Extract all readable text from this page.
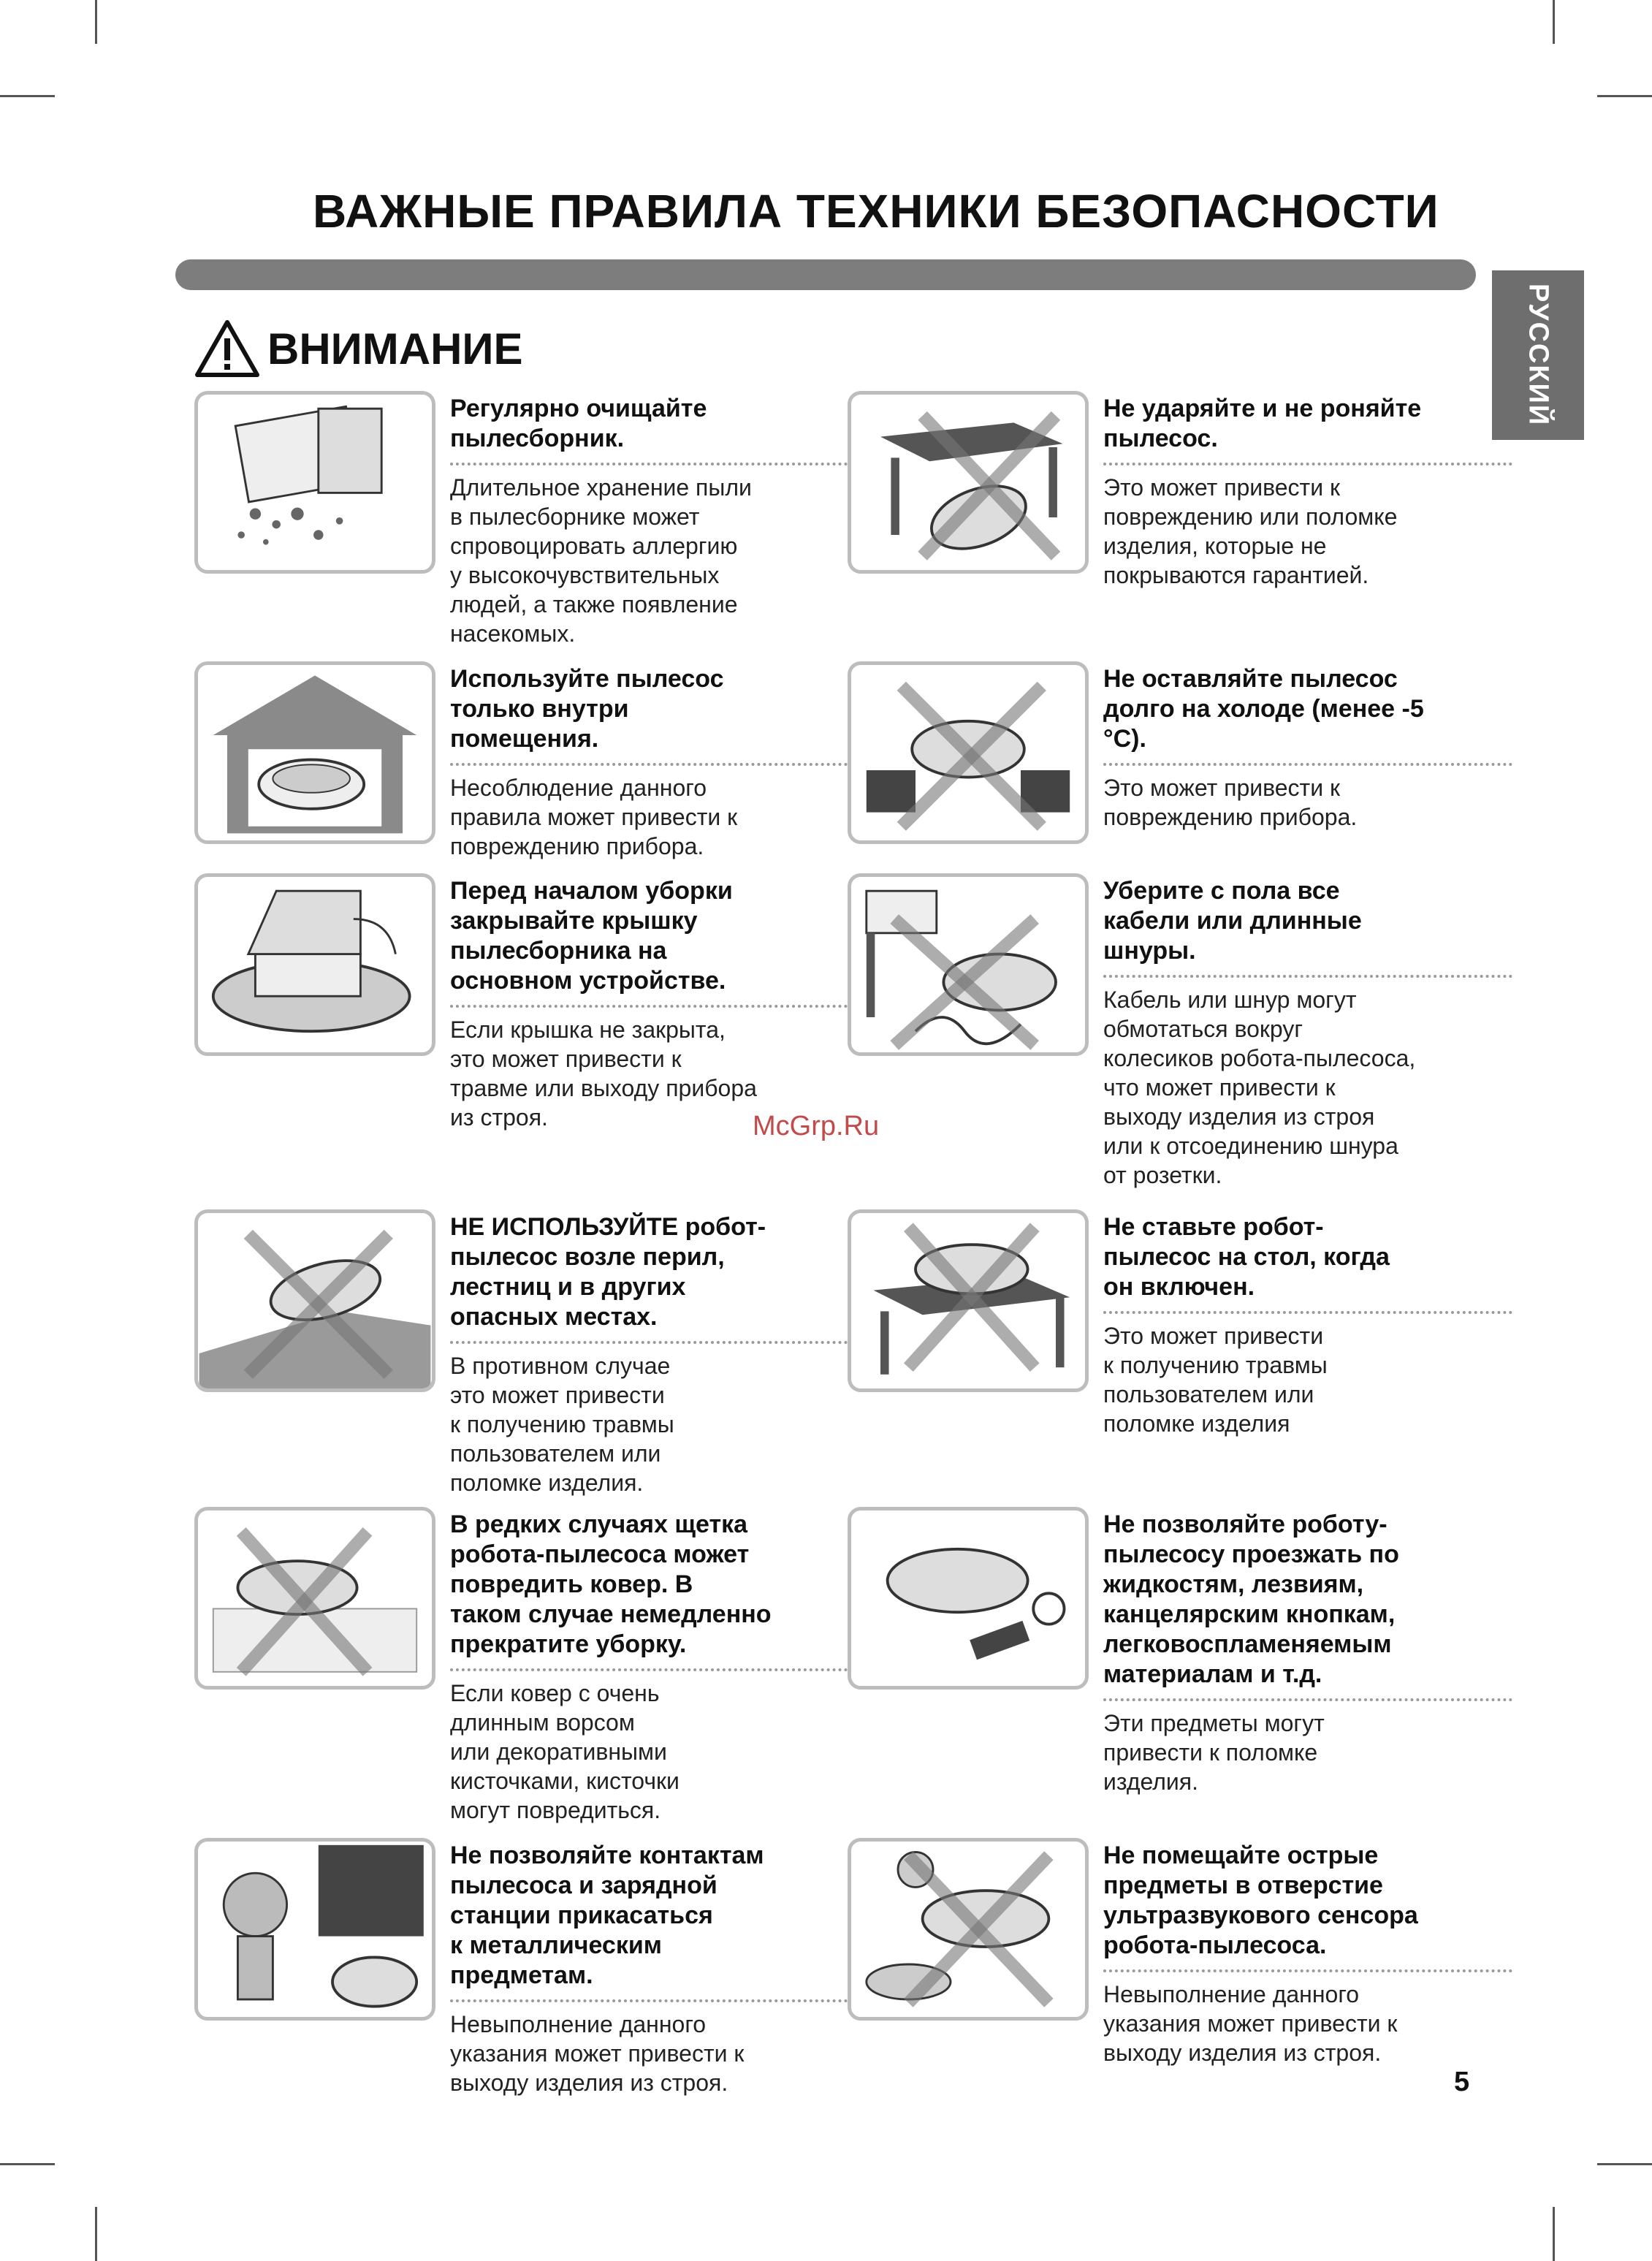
ВАЖНЫЕ ПРАВИЛА ТЕХНИКИ БЕЗОПАСНОСТИ
РУССКИЙ
ВНИМАНИЕ
Регулярно очищайте
пылесборник.
Длительное хранение пыли
в пылесборнике может
спровоцировать аллергию
у высокочувствительных
людей, а также появление
насекомых.
Не ударяйте и не роняйте
пылесос.
Это может привести к
повреждению или поломке
изделия, которые не
покрываются гарантией.
Используйте пылесос
только внутри
помещения.
Несоблюдение данного
правила может привести к
повреждению прибора.
Не оставляйте пылесос
долго на холоде (менее -5
°C).
Это может привести к
повреждению прибора.
Перед началом уборки
закрывайте крышку
пылесборника на
основном устройстве.
Если крышка не закрыта,
это может привести к
травме или выходу прибора
из строя.
Уберите с пола все
кабели или длинные
шнуры.
Кабель или шнур могут
обмотаться вокруг
колесиков робота-пылесоса,
что может привести к
выходу изделия из строя
или к отсоединению шнура
от розетки.
McGrp.Ru
НЕ ИСПОЛЬЗУЙТЕ робот-
пылесос возле перил,
лестниц и в других
опасных местах.
В противном случае
это может привести
к получению травмы
пользователем или
поломке изделия.
Не ставьте робот-
пылесос на стол, когда
он включен.
Это может привести
к получению травмы
пользователем или
поломке изделия
В редких случаях щетка
робота-пылесоса может
повредить ковер. В
таком случае немедленно
прекратите уборку.
Если ковер с очень
длинным ворсом
или декоративными
кисточками, кисточки
могут повредиться.
Не позволяйте роботу-
пылесосу проезжать по
жидкостям, лезвиям,
канцелярским кнопкам,
легковоспламеняемым
материалам и т.д.
Эти предметы могут
привести к поломке
изделия.
Не позволяйте контактам
пылесоса и зарядной
станции прикасаться
к металлическим
предметам.
Невыполнение данного
указания может привести к
выходу изделия из строя.
Не помещайте острые
предметы в отверстие
ультразвукового сенсора
робота-пылесоса.
Невыполнение данного
указания может привести к
выходу изделия из строя.
5
